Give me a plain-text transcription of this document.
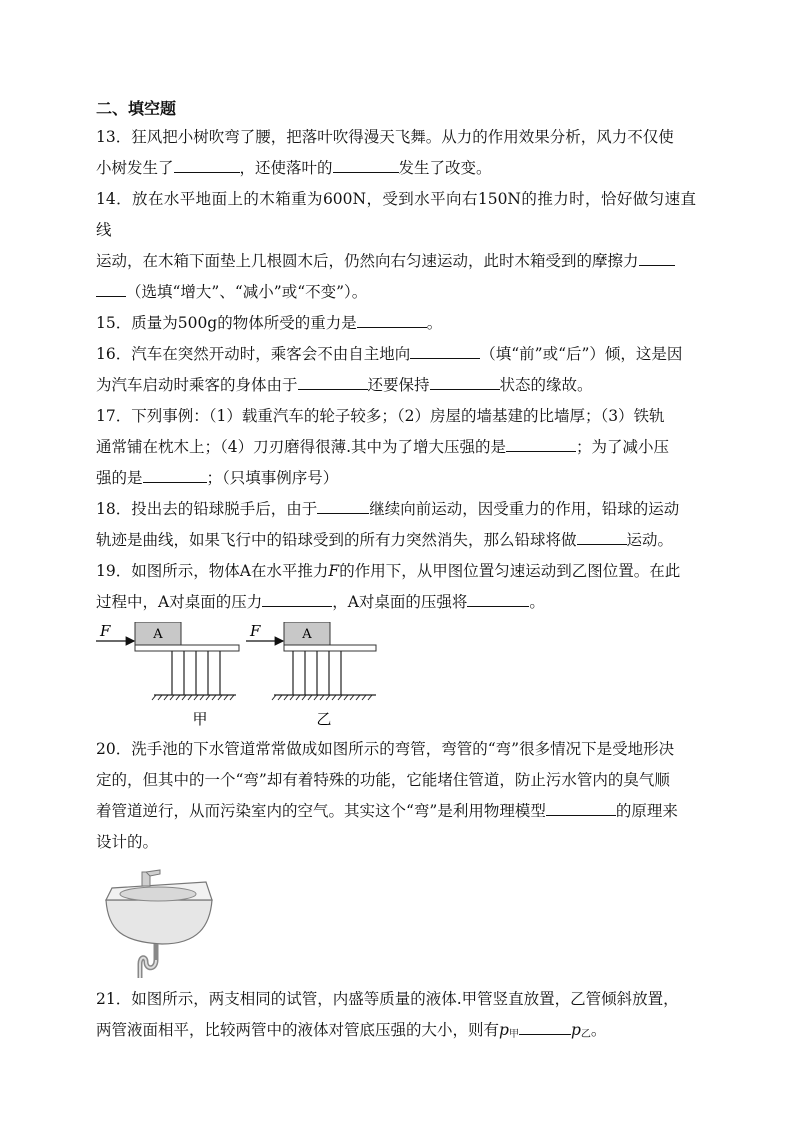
二、填空题

13．狂风把小树吹弯了腰，把落叶吹得漫天飞舞。从力的作用效果分析，风力不仅使

小树发生了	，还使落叶的	发生了改变。

14．放在水平地面上的木箱重为600N，受到水平向右150N的推力时，恰好做匀速直线

运动，在木箱下面垫上几根圆木后，仍然向右匀速运动，此时木箱受到的摩擦力

（选填“增大”、“减小”或“不变”）。

15．质量为500g的物体所受的重力是	。

16．汽车在突然开动时，乘客会不由自主地向	（填“前”或“后”）倾，这是因

为汽车启动时乘客的身体由于	还要保持	状态的缘故。

17．下列事例：（1）载重汽车的轮子较多；（2）房屋的墙基建的比墙厚；（3）铁轨

通常铺在枕木上；（4）刀刃磨得很薄.其中为了增大压强的是	；为了减小压

强的是	；（只填事例序号）

18．投出去的铅球脱手后，由于	继续向前运动，因受重力的作用，铅球的运动

轨迹是曲线，如果飞行中的铅球受到的所有力突然消失，那么铅球将做	运动。

19．如图所示，物体A在水平推力F的作用下，从甲图位置匀速运动到乙图位置。在此

过程中，A对桌面的压力	，A对桌面的压强将	。

F	A
甲
F	A
乙

20．洗手池的下水管道常常做成如图所示的弯管，弯管的“弯”很多情况下是受地形决

定的，但其中的一个“弯”却有着特殊的功能，它能堵住管道，防止污水管内的臭气顺

着管道逆行，从而污染室内的空气。其实这个“弯”是利用物理模型	的原理来

设计的。

21．如图所示，两支相同的试管，内盛等质量的液体.甲管竖直放置，乙管倾斜放置，

两管液面相平，比较两管中的液体对管底压强的大小，则有$p_甲$	$p_乙$。
